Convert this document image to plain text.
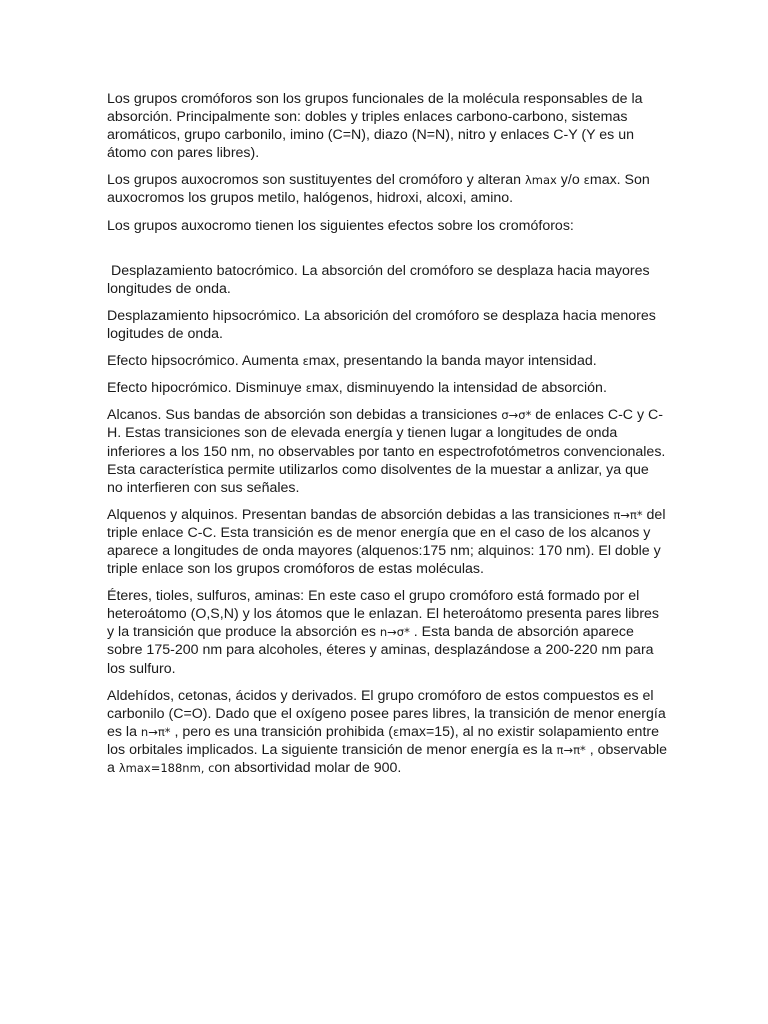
Los grupos cromóforos son los grupos funcionales de la molécula responsables de la absorción. Principalmente son: dobles y triples enlaces carbono-carbono, sistemas aromáticos, grupo carbonilo, imino (C=N), diazo (N=N), nitro y enlaces C-Y (Y es un átomo con pares libres).

Los grupos auxocromos son sustituyentes del cromóforo y alteran λmax y/o εmax. Son auxocromos los grupos metilo, halógenos, hidroxi, alcoxi, amino.

Los grupos auxocromo tienen los siguientes efectos sobre los cromóforos:

Desplazamiento batocrómico. La absorción del cromóforo se desplaza hacia mayores longitudes de onda.

Desplazamiento hipsocrómico. La absorición del cromóforo se desplaza hacia menores logitudes de onda.

Efecto hipsocrómico. Aumenta εmax, presentando la banda mayor intensidad.

Efecto hipocrómico. Disminuye εmax, disminuyendo la intensidad de absorción.

Alcanos. Sus bandas de absorción son debidas a transiciones σ→σ* de enlaces C-C y C-H. Estas transiciones son de elevada energía y tienen lugar a longitudes de onda inferiores a los 150 nm, no observables por tanto en espectrofotómetros convencionales. Esta característica permite utilizarlos como disolventes de la muestar a anlizar, ya que no interfieren con sus señales.

Alquenos y alquinos. Presentan bandas de absorción debidas a las transiciones π→π* del triple enlace C-C. Esta transición es de menor energía que en el caso de los alcanos y aparece a longitudes de onda mayores (alquenos:175 nm; alquinos: 170 nm). El doble y triple enlace son los grupos cromóforos de estas moléculas.

Éteres, tioles, sulfuros, aminas: En este caso el grupo cromóforo está formado por el heteroátomo (O,S,N) y los átomos que le enlazan. El heteroátomo presenta pares libres y la transición que produce la absorción es n→σ* . Esta banda de absorción aparece sobre 175-200 nm para alcoholes, éteres y aminas, desplazándose a 200-220 nm para los sulfuro.

Aldehídos, cetonas, ácidos y derivados. El grupo cromóforo de estos compuestos es el carbonilo (C=O). Dado que el oxígeno posee pares libres, la transición de menor energía es la n→π* , pero es una transición prohibida (εmax=15), al no existir solapamiento entre los orbitales implicados. La siguiente transición de menor energía es la π→π* , observable a λmax=188nm, con absortividad molar de 900.
